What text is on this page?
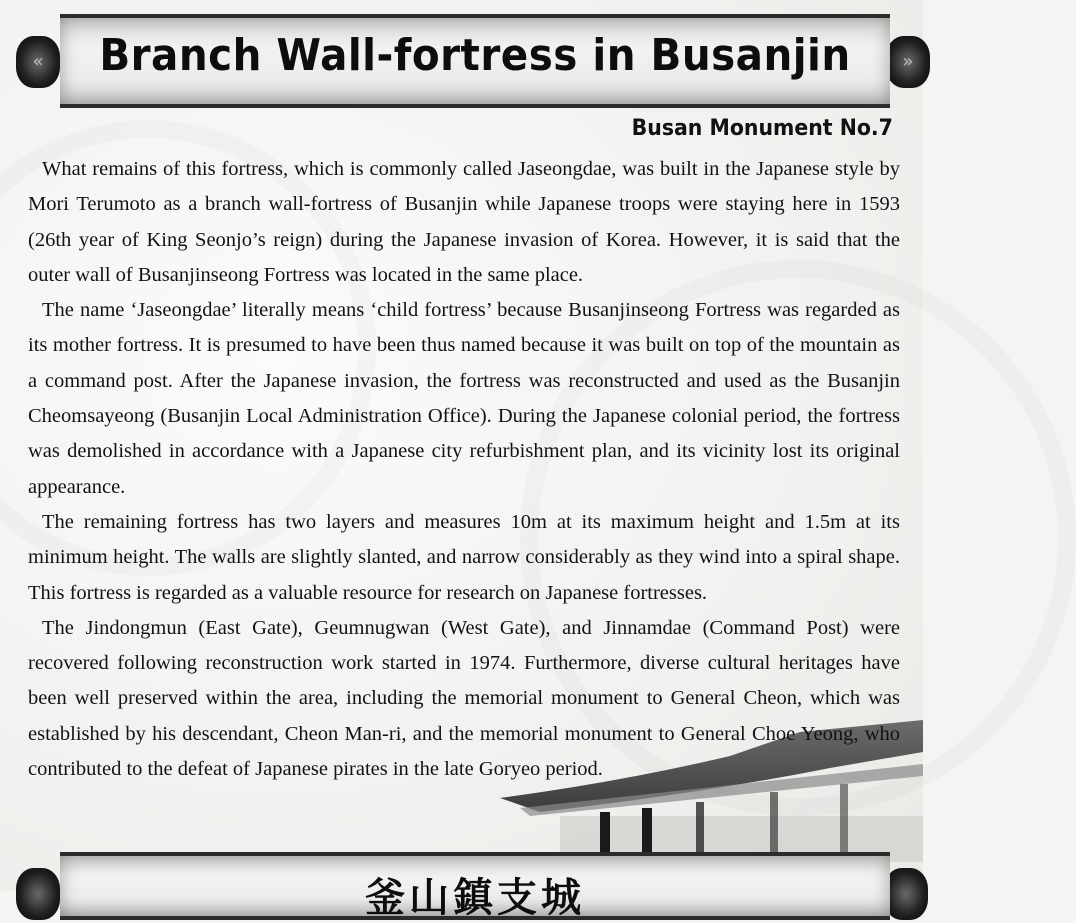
«	»
Branch Wall-fortress in Busanjin
Busan Monument No.7

What remains of this fortress, which is commonly called Jaseongdae, was built in the Japanese style by Mori Terumoto as a branch wall-fortress of Busanjin while Japanese troops were staying here in 1593 (26th year of King Seonjo’s reign) during the Japanese invasion of Korea. However, it is said that the outer wall of Busanjinseong Fortress was located in the same place.

The name ‘Jaseongdae’ literally means ‘child fortress’ because Busanjinseong Fortress was regarded as its mother fortress. It is presumed to have been thus named because it was built on top of the mountain as a command post. After the Japanese invasion, the fortress was reconstructed and used as the Busanjin Cheomsayeong (Busanjin Local Administration Office). During the Japanese colonial period, the fortress was demolished in accordance with a Japanese city refurbishment plan, and its vicinity lost its original appearance.

The remaining fortress has two layers and measures 10m at its maximum height and 1.5m at its minimum height. The walls are slightly slanted, and narrow considerably as they wind into a spiral shape. This fortress is regarded as a valuable resource for research on Japanese fortresses.

The Jindongmun (East Gate), Geumnugwan (West Gate), and Jinnamdae (Command Post) were recovered following reconstruction work started in 1974. Furthermore, diverse cultural heritages have been well preserved within the area, including the memorial monument to General Cheon, which was established by his descendant, Cheon Man-ri, and the memorial monument to General Choe Yeong, who contributed to the defeat of Japanese pirates in the late Goryeo period.

釜山鎮支城
